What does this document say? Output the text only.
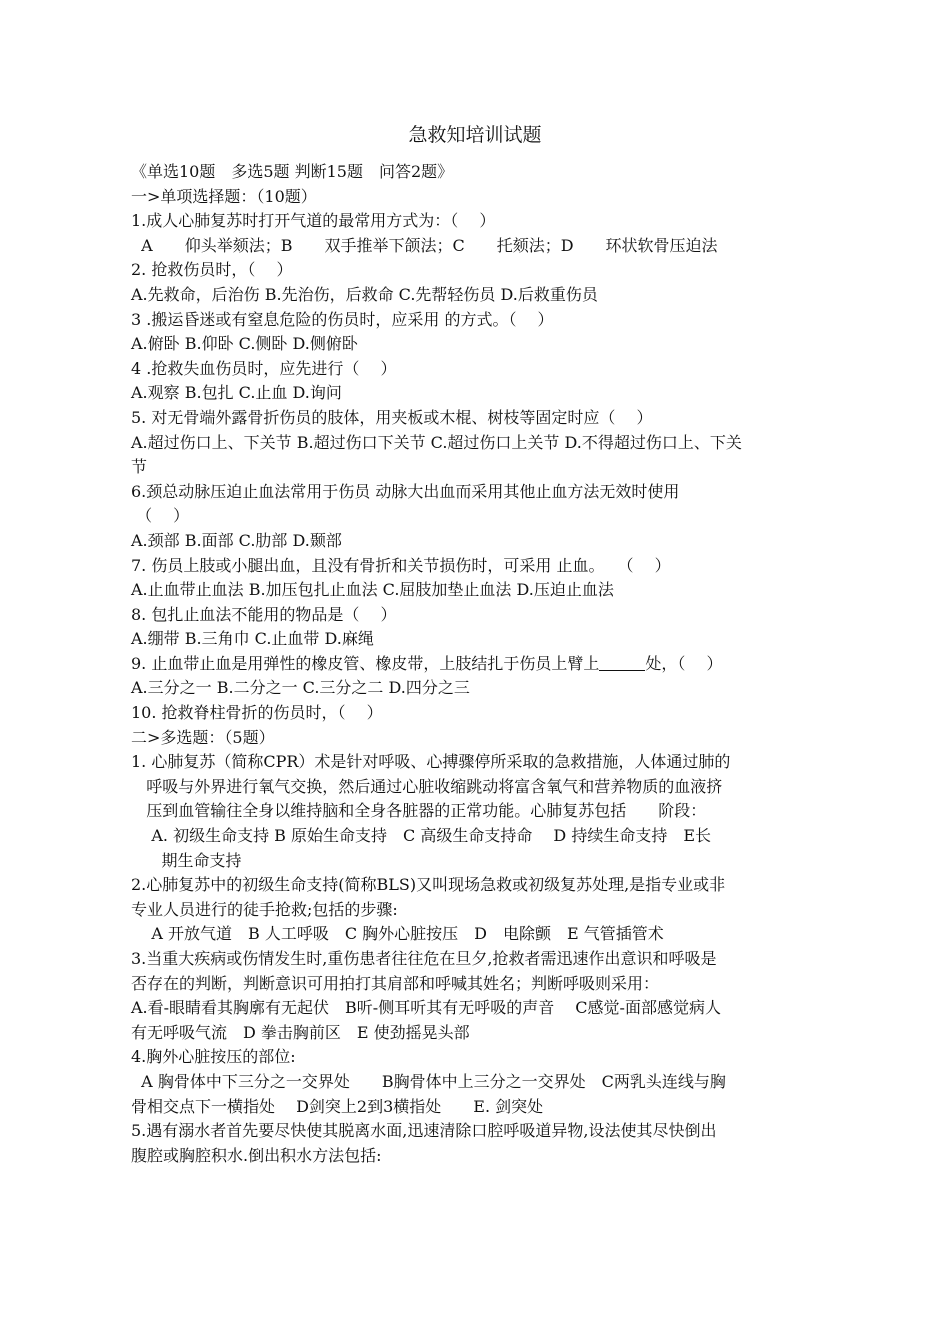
急救知培训试题
《单选10题　多选5题 判断15题　问答2题》
一>单项选择题：（10题）
1.成人心肺复苏时打开气道的最常用方式为：（　 ）
A　　仰头举颏法；B　　双手推举下颌法；C　　托颏法；D　　环状软骨压迫法
2. 抢救伤员时，（　 ）
A.先救命，后治伤 B.先治伤，后救命 C.先帮轻伤员 D.后救重伤员
3 .搬运昏迷或有窒息危险的伤员时，应采用 的方式。（　 ）
A.俯卧 B.仰卧 C.侧卧 D.侧俯卧
4 .抢救失血伤员时，应先进行（　 ）
A.观察 B.包扎 C.止血 D.询问
5. 对无骨端外露骨折伤员的肢体，用夹板或木棍、树枝等固定时应（　 ）
A.超过伤口上、下关节 B.超过伤口下关节 C.超过伤口上关节 D.不得超过伤口上、下关
节
6.颈总动脉压迫止血法常用于伤员 动脉大出血而采用其他止血方法无效时使用
（　 ）
A.颈部 B.面部 C.肋部 D.颞部
7. 伤员上肢或小腿出血，且没有骨折和关节损伤时，可采用 止血。　 （　 ）
A.止血带止血法 B.加压包扎止血法 C.屈肢加垫止血法 D.压迫止血法
8. 包扎止血法不能用的物品是（　 ）
A.绷带 B.三角巾 C.止血带 D.麻绳
9. 止血带止血是用弹性的橡皮管、橡皮带，上肢结扎于伤员上臂上	处，（　 ）
A.三分之一 B.二分之一 C.三分之二 D.四分之三
10. 抢救脊柱骨折的伤员时，（　 ）
二>多选题：（5题）
1. 心肺复苏（简称CPR）术是针对呼吸、心搏骤停所采取的急救措施，人体通过肺的
呼吸与外界进行氧气交换，然后通过心脏收缩跳动将富含氧气和营养物质的血液挤
压到血管输往全身以维持脑和全身各脏器的正常功能。心肺复苏包括　　阶段：
A. 初级生命支持 B 原始生命支持　C 高级生命支持命　 D 持续生命支持　E长
期生命支持
2.心肺复苏中的初级生命支持(简称BLS)又叫现场急救或初级复苏处理,是指专业或非
专业人员进行的徒手抢救;包括的步骤:
A 开放气道　B 人工呼吸　C 胸外心脏按压　D　电除颤　E 气管插管术
3.当重大疾病或伤情发生时,重伤患者往往危在旦夕,抢救者需迅速作出意识和呼吸是
否存在的判断，判断意识可用拍打其肩部和呼喊其姓名；判断呼吸则采用：
A.看-眼睛看其胸廓有无起伏　B听-侧耳听其有无呼吸的声音　 C感觉-面部感觉病人
有无呼吸气流　D 拳击胸前区　E 使劲摇晃头部
4.胸外心脏按压的部位:
A 胸骨体中下三分之一交界处　　B胸骨体中上三分之一交界处　C两乳头连线与胸
骨相交点下一横指处　 D剑突上2到3横指处　　E. 剑突处
5.遇有溺水者首先要尽快使其脱离水面,迅速清除口腔呼吸道异物,设法使其尽快倒出
腹腔或胸腔积水.倒出积水方法包括:
